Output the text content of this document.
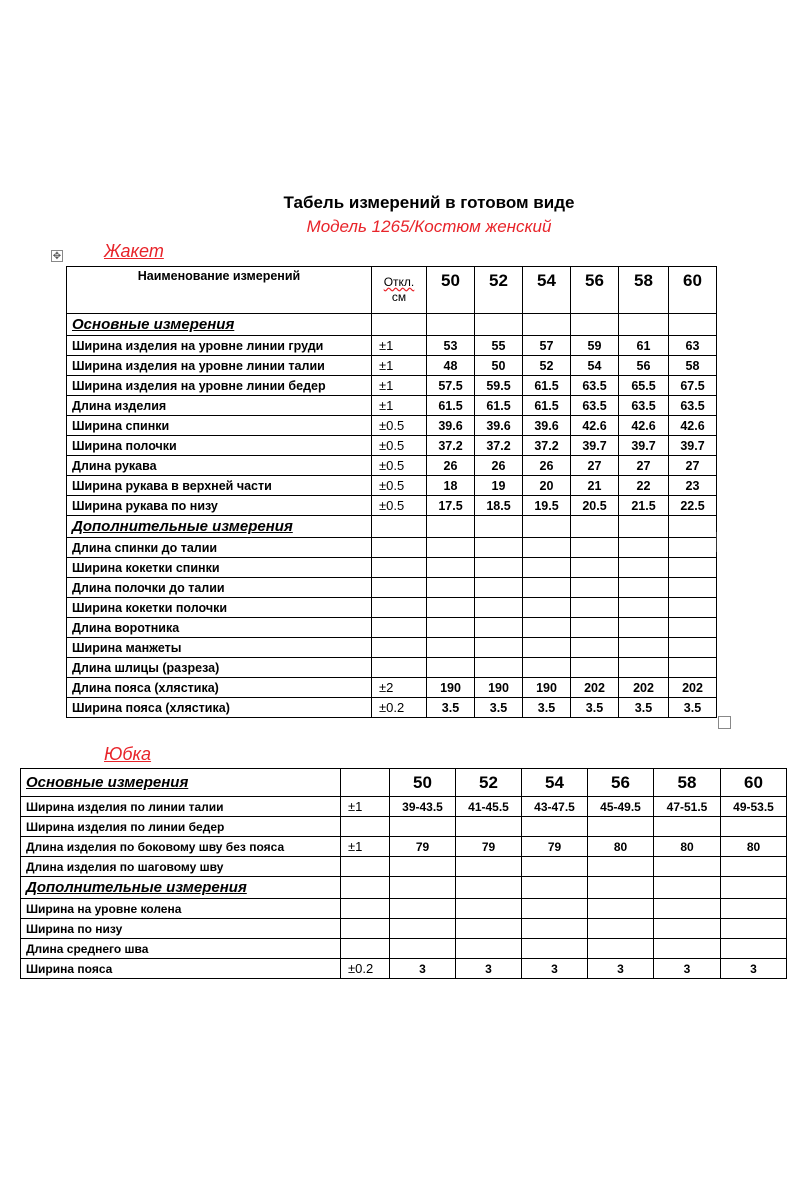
Табель измерений в готовом виде
Модель 1265/Костюм женский
✥ Жакет
Наименование измерений	Откл.
см	50	52	54	56	58	60
Основные измерения							
Ширина изделия на уровне линии груди	±1	53	55	57	59	61	63
Ширина изделия на уровне линии талии	±1	48	50	52	54	56	58
Ширина изделия на уровне линии бедер	±1	57.5	59.5	61.5	63.5	65.5	67.5
Длина изделия	±1	61.5	61.5	61.5	63.5	63.5	63.5
Ширина спинки	±0.5	39.6	39.6	39.6	42.6	42.6	42.6
Ширина полочки	±0.5	37.2	37.2	37.2	39.7	39.7	39.7
Длина рукава	±0.5	26	26	26	27	27	27
Ширина рукава в верхней части	±0.5	18	19	20	21	22	23
Ширина рукава по низу	±0.5	17.5	18.5	19.5	20.5	21.5	22.5
Дополнительные измерения							
Длина спинки до талии							
Ширина кокетки спинки							
Длина полочки до талии							
Ширина кокетки полочки							
Длина воротника							
Ширина манжеты							
Длина шлицы (разреза)							
Длина пояса (хлястика)	±2	190	190	190	202	202	202
Ширина пояса (хлястика)	±0.2	3.5	3.5	3.5	3.5	3.5	3.5
Юбка
Основные измерения		50	52	54	56	58	60
Ширина изделия по линии талии	±1	39-43.5	41-45.5	43-47.5	45-49.5	47-51.5	49-53.5
Ширина изделия по линии бедер							
Длина изделия по боковому шву без пояса	±1	79	79	79	80	80	80
Длина изделия по шаговому шву							
Дополнительные измерения							
Ширина на уровне колена							
Ширина по низу							
Длина среднего шва							
Ширина пояса	±0.2	3	3	3	3	3	3
